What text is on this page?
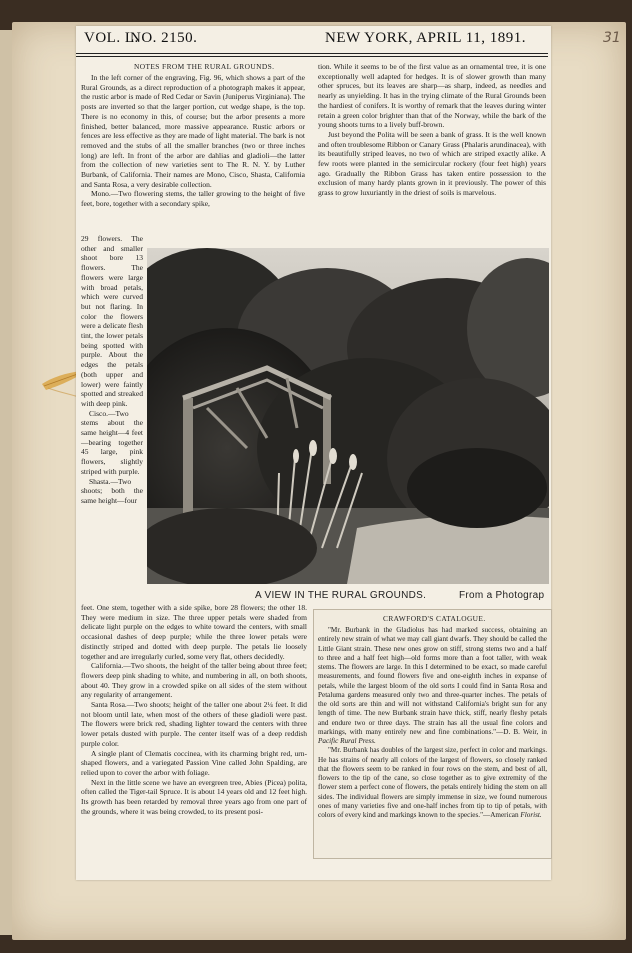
31
VOL. L.
NO. 2150.	NEW YORK, APRIL 11, 1891.
NOTES FROM THE RURAL GROUNDS.

In the left corner of the engraving, Fig. 96, which shows a part of the Rural Grounds, as a direct reproduction of a photograph makes it appear, the rustic arbor is made of Red Cedar or Savin (Juniperus Virginiana). The posts are inverted so that the larger portion, cut wedge shape, is the top. There is no economy in this, of course; but the arbor presents a more finished, better balanced, more massive appearance. Rustic arbors or fences are less effective as they are made of light material. The bark is not removed and the stubs of all the smaller branches (two or three inches long) are left. In front of the arbor are dahlias and gladioli—the latter from the collection of new varieties sent to The R. N. Y. by Luther Burbank, of California. Their names are Mono, Cisco, Shasta, California and Santa Rosa, a very desirable collection.

Mono.—Two flowering stems, the taller growing to the height of five feet, bore, together with a secondary spike,

29 flowers. The other and smaller shoot bore 13 flowers. The flowers were large with broad petals, which were curved but not flaring. In color the flowers were a delicate flesh tint, the lower petals being spotted with purple. About the edges the petals (both upper and lower) were faintly spotted and streaked with deep pink.

Cisco.—Two stems about the same height—4 feet—bearing together 45 large, pink flowers, slightly striped with purple.

Shasta.—Two shoots; both the same height—four

tion. While it seems to be of the first value as an ornamental tree, it is one exceptionally well adapted for hedges. It is of slower growth than many other spruces, but its leaves are sharp—as sharp, indeed, as needles and nearly as unyielding. It has in the trying climate of the Rural Grounds been the hardiest of conifers. It is worthy of remark that the leaves during winter retain a green color brighter than that of the Norway, while the bark of the young shoots turns to a lively buff-brown.

Just beyond the Polita will be seen a bank of grass. It is the well known and often troublesome Ribbon or Canary Grass (Phalaris arundinacea), with its beautifully striped leaves, no two of which are striped exactly alike. A few roots were planted in the semicircular rockery (four feet high) years ago. Gradually the Ribbon Grass has taken entire possession to the exclusion of many hardy plants grown in it previously. The power of this grass to grow luxuriantly in the driest of soils is marvelous.

A VIEW IN THE RURAL GROUNDS.	From a Photograp

feet. One stem, together with a side spike, bore 28 flowers; the other 18. They were medium in size. The three upper petals were shaded from delicate light purple on the edges to white toward the centers, with small occasional dashes of deep purple; while the three lower petals were distinctly striped and dotted with deep purple. The petals lie loosely together and are irregularly curled, some very flat, others decidedly.

California.—Two shoots, the height of the taller being about three feet; flowers deep pink shading to white, and numbering in all, on both shoots, about 40. They grow in a crowded spike on all sides of the stem without any regularity of arrangement.

Santa Rosa.—Two shoots; height of the taller one about 2¼ feet. It did not bloom until late, when most of the others of these gladioli were past. The flowers were brick red, shading lighter toward the centers with three lower petals dusted with purple. The center itself was of a deep reddish purple color.

A single plant of Clematis coccinea, with its charming bright red, urn-shaped flowers, and a variegated Passion Vine called John Spalding, are relied upon to cover the arbor with foliage.

Next in the little scene we have an evergreen tree, Abies (Picea) polita, often called the Tiger-tail Spruce. It is about 14 years old and 12 feet high. Its growth has been retarded by removal three years ago from one part of the grounds, where it was being crowded, to its present posi-

CRAWFORD'S CATALOGUE.

"Mr. Burbank in the Gladiolus has had marked success, obtaining an entirely new strain of what we may call giant dwarfs. They should be called the Little Giant strain. These new ones grow on stiff, strong stems two and a half to three and a half feet high—old forms more than a foot taller, with weak stems. The flowers are large. In this I determined to be exact, so made careful measurements, and found flowers five and one-eighth inches in expanse of petals, while the largest bloom of the old sorts I could find in Santa Rosa and Petaluma gardens measured only two and three-quarter inches. The petals of the old sorts are thin and will not withstand California's bright sun for any length of time. The new Burbank strain have thick, stiff, nearly fleshy petals and endure two or three days. The strain has all the usual fine colors and markings, with many entirely new and fine combinations."—D. B. Weir, in Pacific Rural Press.

"Mr. Burbank has doubles of the largest size, perfect in color and markings. He has strains of nearly all colors of the largest of flowers, so closely ranked that the flowers seem to be ranked in four rows on the stem, and best of all, flowers to the tip of the cane, so close together as to give extremity of the flower stem a perfect cone of flowers, the petals entirely hiding the stem on all sides. The individual flowers are simply immense in size, we found numerous ones of many varieties five and one-half inches from tip to tip of petals, with colors of every kind and markings known to the species."—American Florist.
